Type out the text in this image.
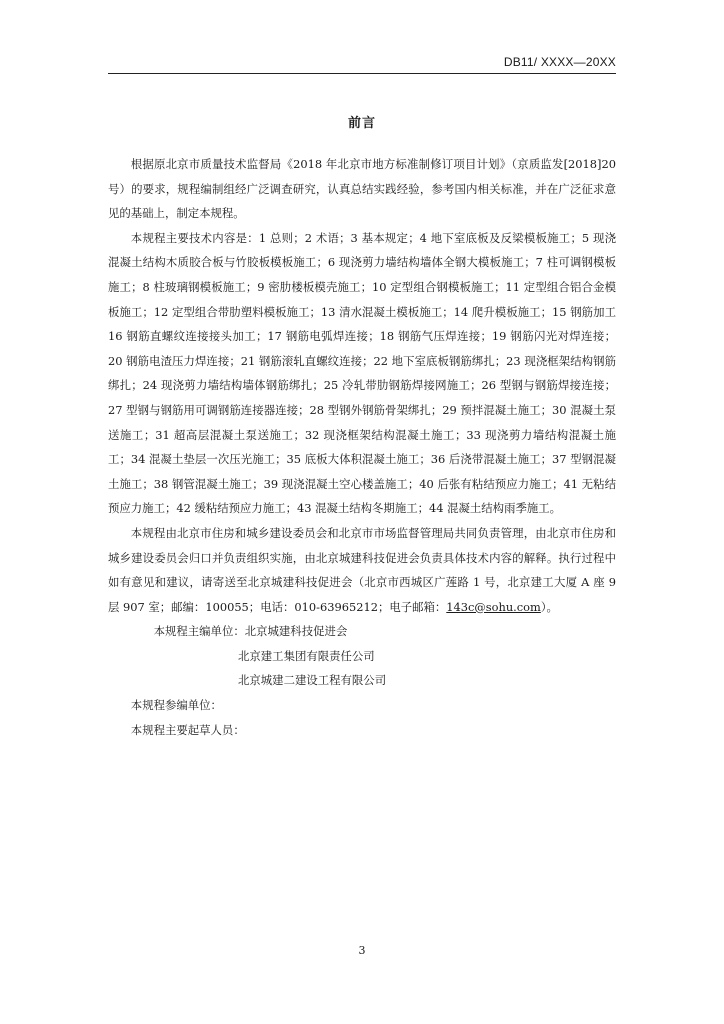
DB11/ XXXX—20XX
前言

根据原北京市质量技术监督局《2018 年北京市地方标准制修订项目计划》（京质监发[2018]20 号）的要求，规程编制组经广泛调查研究，认真总结实践经验，参考国内相关标准，并在广泛征求意见的基础上，制定本规程。

本规程主要技术内容是：1 总则；2 术语；3 基本规定；4 地下室底板及反梁模板施工；5 现浇混凝土结构木质胶合板与竹胶板模板施工；6 现浇剪力墙结构墙体全钢大模板施工；7 柱可调钢模板施工；8 柱玻璃钢模板施工；9 密肋楼板模壳施工；10 定型组合钢模板施工；11 定型组合铝合金模板施工；12 定型组合带肋塑料模板施工；13 清水混凝土模板施工；14 爬升模板施工；15 钢筋加工 16 钢筋直螺纹连接接头加工；17 钢筋电弧焊连接；18 钢筋气压焊连接；19 钢筋闪光对焊连接；20 钢筋电渣压力焊连接；21 钢筋滚轧直螺纹连接；22 地下室底板钢筋绑扎；23 现浇框架结构钢筋绑扎；24 现浇剪力墙结构墙体钢筋绑扎；25 冷轧带肋钢筋焊接网施工；26 型钢与钢筋焊接连接；27 型钢与钢筋用可调钢筋连接器连接；28 型钢外钢筋骨架绑扎；29 预拌混凝土施工；30 混凝土泵送施工；31 超高层混凝土泵送施工；32 现浇框架结构混凝土施工；33 现浇剪力墙结构混凝土施工；34 混凝土垫层一次压光施工；35 底板大体积混凝土施工；36 后浇带混凝土施工；37 型钢混凝土施工；38 钢管混凝土施工；39 现浇混凝土空心楼盖施工；40 后张有粘结预应力施工；41 无粘结预应力施工；42 缓粘结预应力施工；43 混凝土结构冬期施工；44 混凝土结构雨季施工。

本规程由北京市住房和城乡建设委员会和北京市市场监督管理局共同负责管理，由北京市住房和城乡建设委员会归口并负责组织实施，由北京城建科技促进会负责具体技术内容的解释。执行过程中如有意见和建议，请寄送至北京城建科技促进会（北京市西城区广莲路 1 号，北京建工大厦 A 座 9 层 907 室；邮编：100055；电话：010-63965212；电子邮箱：143c@sohu.com）。

本规程主编单位：北京城建科技促进会

北京建工集团有限责任公司

北京城建二建设工程有限公司

本规程参编单位：

本规程主要起草人员：

3
